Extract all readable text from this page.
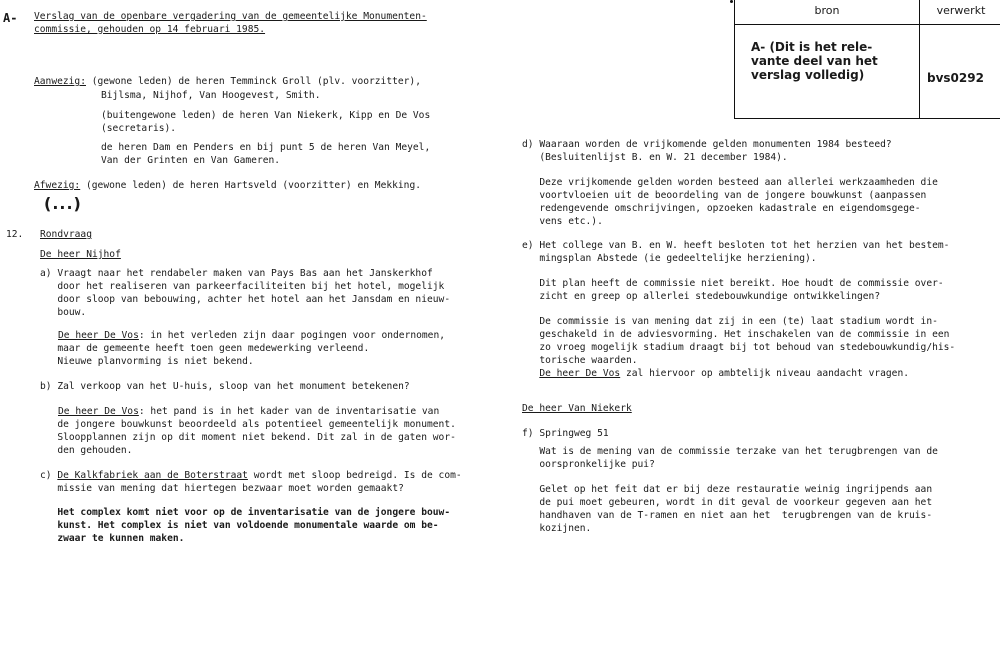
bron	verwerkt
A- (Dit is het rele-
vante deel van het
verslag volledig)	bvs0292
A- Verslag van de openbare vergadering van de gemeentelijke Monumenten-
commissie, gehouden op 14 februari 1985.
Aanwezig: (gewone leden) de heren Temminck Groll (plv. voorzitter),
Bijlsma, Nijhof, Van Hoogevest, Smith.
(buitengewone leden) de heren Van Niekerk, Kipp en De Vos
(secretaris).
de heren Dam en Penders en bij punt 5 de heren Van Meyel,
Van der Grinten en Van Gameren.
Afwezig: (gewone leden) de heren Hartsveld (voorzitter) en Mekking.
(...)
12. Rondvraag
De heer Nijhof
a) Vraagt naar het rendabeler maken van Pays Bas aan het Janskerkhof
door het realiseren van parkeerfaciliteiten bij het hotel, mogelijk
door sloop van bebouwing, achter het hotel aan het Jansdam en nieuw-
bouw.
De heer De Vos: in het verleden zijn daar pogingen voor ondernomen,
maar de gemeente heeft toen geen medewerking verleend.
Nieuwe planvorming is niet bekend.
b) Zal verkoop van het U-huis, sloop van het monument betekenen?
De heer De Vos: het pand is in het kader van de inventarisatie van
de jongere bouwkunst beoordeeld als potentieel gemeentelijk monument.
Sloopplannen zijn op dit moment niet bekend. Dit zal in de gaten wor-
den gehouden.
c) De Kalkfabriek aan de Boterstraat wordt met sloop bedreigd. Is de com-
missie van mening dat hiertegen bezwaar moet worden gemaakt?
Het complex komt niet voor op de inventarisatie van de jongere bouw-
kunst. Het complex is niet van voldoende monumentale waarde om be-
zwaar te kunnen maken.
d) Waaraan worden de vrijkomende gelden monumenten 1984 besteed?
(Besluitenlijst B. en W. 21 december 1984).
Deze vrijkomende gelden worden besteed aan allerlei werkzaamheden die
voortvloeien uit de beoordeling van de jongere bouwkunst (aanpassen
redengevende omschrijvingen, opzoeken kadastrale en eigendomsgege-
vens etc.).
e) Het college van B. en W. heeft besloten tot het herzien van het bestem-
mingsplan Abstede (ie gedeeltelijke herziening).
Dit plan heeft de commissie niet bereikt. Hoe houdt de commissie over-
zicht en greep op allerlei stedebouwkundige ontwikkelingen?
De commissie is van mening dat zij in een (te) laat stadium wordt in-
geschakeld in de adviesvorming. Het inschakelen van de commissie in een
zo vroeg mogelijk stadium draagt bij tot behoud van stedebouwkundig/his-
torische waarden.
De heer De Vos zal hiervoor op ambtelijk niveau aandacht vragen.
De heer Van Niekerk
f) Springweg 51
Wat is de mening van de commissie terzake van het terugbrengen van de
oorspronkelijke pui?
Gelet op het feit dat er bij deze restauratie weinig ingrijpends aan
de pui moet gebeuren, wordt in dit geval de voorkeur gegeven aan het
handhaven van de T-ramen en niet aan het  terugbrengen van de kruis-
kozijnen.
